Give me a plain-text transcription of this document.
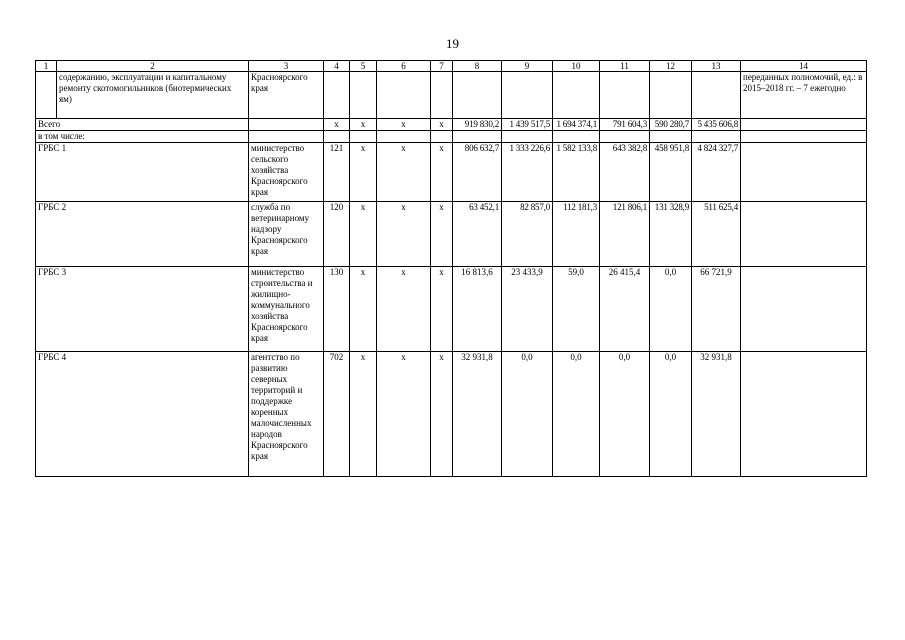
19
1	2	3	4	5	6	7	8	9	10	11	12	13	14
	содержанию, эксплуатации и капитальному ремонту скотомогильников (биотермических ям)	Красноярского края											переданных полномочий, ед.: в 2015–2018 гг. – 7 ежегодно
Всего			х	х	х	х	919 830,2	1 439 517,5	1 694 374,1	791 604,3	590 280,7	5 435 606,8	
в том числе:													
ГРБС 1		министерство сельского хозяйства Красноярского края	121	х	х	х	806 632,7	1 333 226,6	1 582 133,8	643 382,8	458 951,8	4 824 327,7	
ГРБС 2		служба по ветеринарному надзору Красноярского края	120	х	х	х	63 452,1	82 857,0	112 181,3	121 806,1	131 328,9	511 625,4	
ГРБС 3		министерство строительства и жилищно-коммунального хозяйства Красноярского края	130	х	х	х	16 813,6	23 433,9	59,0	26 415,4	0,0	66 721,9	
ГРБС 4		агентство по развитию северных территорий и поддержке коренных малочисленных народов Красноярского края	702	х	х	х	32 931,8	0,0	0,0	0,0	0,0	32 931,8	
